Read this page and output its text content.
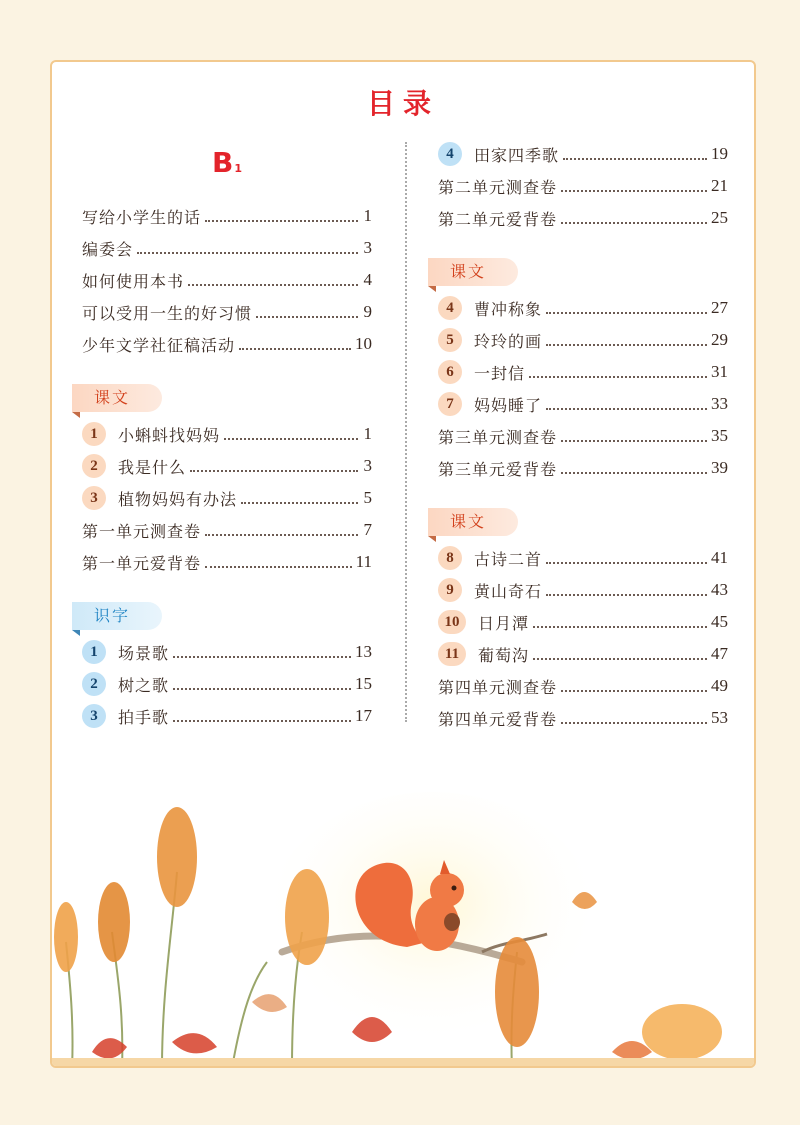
目录
B1
写给小学生的话	1
编委会	3
如何使用本书	4
可以受用一生的好习惯	9
少年文学社征稿活动	10
课文
1	小蝌蚪找妈妈	1
2	我是什么	3
3	植物妈妈有办法	5
第一单元测查卷	7
第一单元爱背卷	11
识字
1	场景歌	13
2	树之歌	15
3	拍手歌	17
4	田家四季歌	19
第二单元测查卷	21
第二单元爱背卷	25
课文
4	曹冲称象	27
5	玲玲的画	29
6	一封信	31
7	妈妈睡了	33
第三单元测查卷	35
第三单元爱背卷	39
课文
8	古诗二首	41
9	黄山奇石	43
10	日月潭	45
11	葡萄沟	47
第四单元测查卷	49
第四单元爱背卷	53
